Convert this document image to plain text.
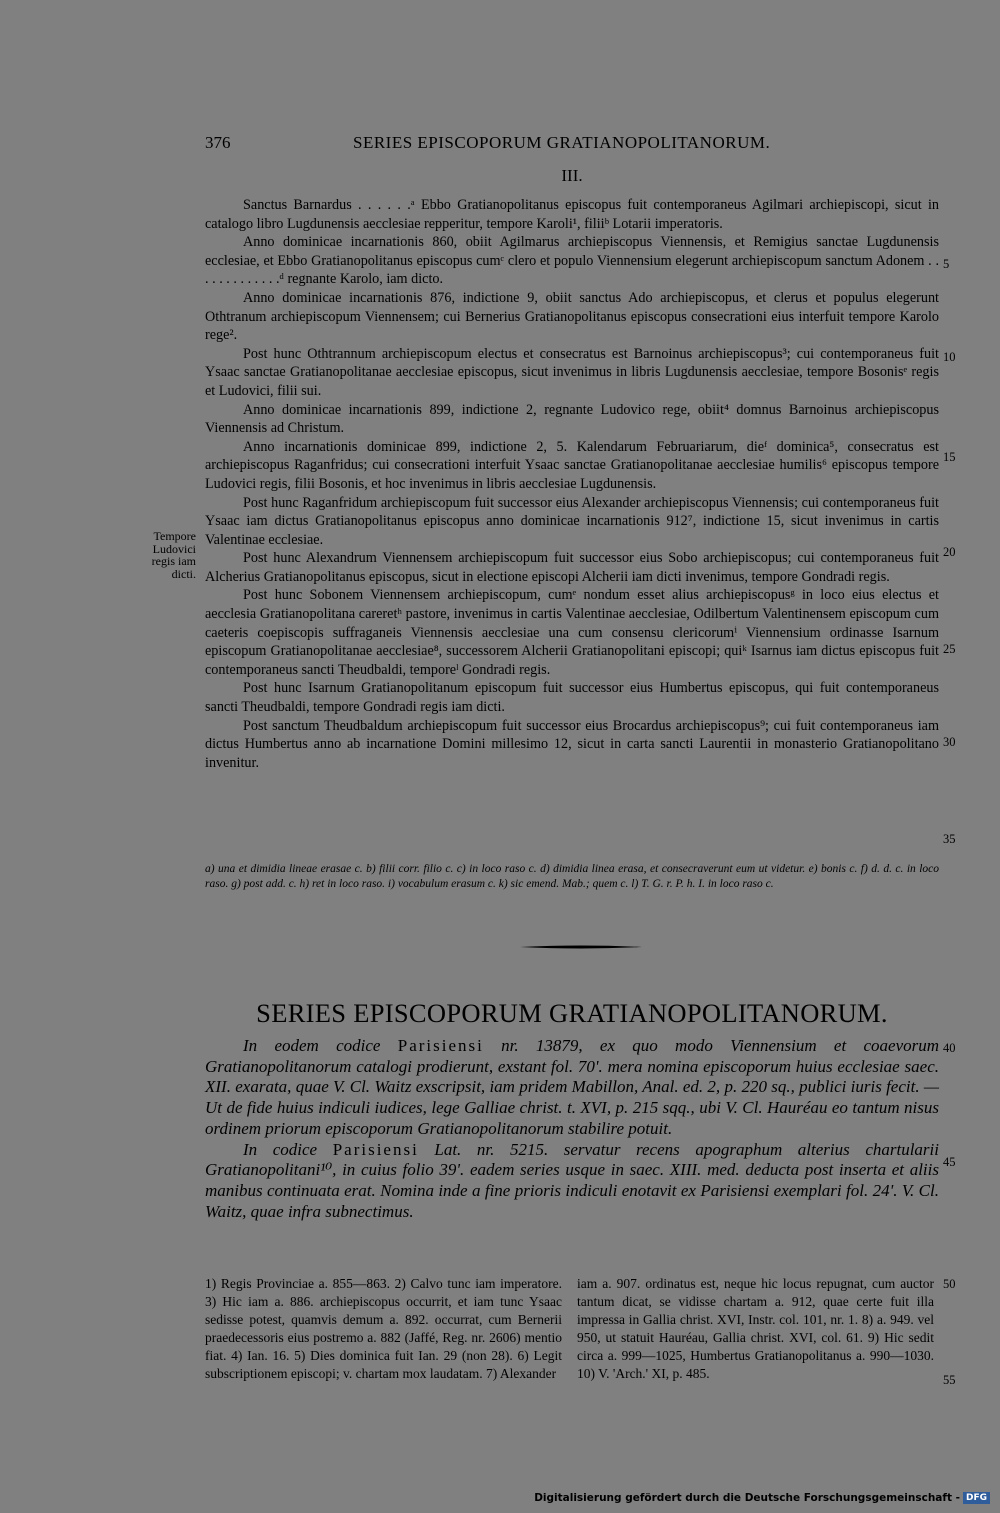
376	SERIES EPISCOPORUM GRATIANOPOLITANORUM.
III.

Sanctus Barnardus . . . . . .ᵃ Ebbo Gratianopolitanus episcopus fuit contemporaneus Agilmari archiepiscopi, sicut in catalogo libro Lugdunensis aecclesiae repperitur, tempore Karoli¹, filiiᵇ Lotarii imperatoris.

Anno dominicae incarnationis 860, obiit Agilmarus archiepiscopus Viennensis, et Remigius sanctae Lugdunensis ecclesiae, et Ebbo Gratianopolitanus episcopus cumᶜ clero et populo Viennensium elegerunt archiepiscopum sanctum Adonem . . . . . . . . . . . . .ᵈ regnante Karolo, iam dicto.

Anno dominicae incarnationis 876, indictione 9, obiit sanctus Ado archiepiscopus, et clerus et populus elegerunt Othtranum archiepiscopum Viennensem; cui Bernerius Gratianopolitanus episcopus consecrationi eius interfuit tempore Karolo rege².

Post hunc Othtrannum archiepiscopum electus et consecratus est Barnoinus archiepiscopus³; cui contemporaneus fuit Ysaac sanctae Gratianopolitanae aecclesiae episcopus, sicut invenimus in libris Lugdunensis aecclesiae, tempore Bosonisᵉ regis et Ludovici, filii sui.

Anno dominicae incarnationis 899, indictione 2, regnante Ludovico rege, obiit⁴ domnus Barnoinus archiepiscopus Viennensis ad Christum.

Anno incarnationis dominicae 899, indictione 2, 5. Kalendarum Februariarum, dieᶠ dominica⁵, consecratus est archiepiscopus Raganfridus; cui consecrationi interfuit Ysaac sanctae Gratianopolitanae aecclesiae humilis⁶ episcopus tempore Ludovici regis, filii Bosonis, et hoc invenimus in libris aecclesiae Lugdunensis.

Post hunc Raganfridum archiepiscopum fuit successor eius Alexander archiepiscopus Viennensis; cui contemporaneus fuit Ysaac iam dictus Gratianopolitanus episcopus anno dominicae incarnationis 912⁷, indictione 15, sicut invenimus in cartis Valentinae ecclesiae.

Post hunc Alexandrum Viennensem archiepiscopum fuit successor eius Sobo archiepiscopus; cui contemporaneus fuit Alcherius Gratianopolitanus episcopus, sicut in electione episcopi Alcherii iam dicti invenimus, tempore Gondradi regis.

Post hunc Sobonem Viennensem archiepiscopum, cumᵉ nondum esset alius archiepiscopusᵍ in loco eius electus et aecclesia Gratianopolitana careretʰ pastore, invenimus in cartis Valentinae aecclesiae, Odilbertum Valentinensem episcopum cum caeteris coepiscopis suffraganeis Viennensis aecclesiae una cum consensu clericorumⁱ Viennensium ordinasse Isarnum episcopum Gratianopolitanae aecclesiae⁸, successorem Alcherii Gratianopolitani episcopi; quiᵏ Isarnus iam dictus episcopus fuit contemporaneus sancti Theudbaldi, temporeˡ Gondradi regis.

Post hunc Isarnum Gratianopolitanum episcopum fuit successor eius Humbertus episcopus, qui fuit contemporaneus sancti Theudbaldi, tempore Gondradi regis iam dicti.

Post sanctum Theudbaldum archiepiscopum fuit successor eius Brocardus archiepiscopus⁹; cui fuit contemporaneus iam dictus Humbertus anno ab incarnatione Domini millesimo 12, sicut in carta sancti Laurentii in monasterio Gratianopolitano invenitur.

Tempore Ludovici regis iam dicti.
5
10
15
20
25
30
35
40
45
50
55
a) una et dimidia lineae erasae c. b) filii corr. filio c. c) in loco raso c. d) dimidia linea erasa, et consecraverunt eum ut videtur. e) bonis c. f) d. d. c. in loco raso. g) post add. c. h) ret in loco raso. i) vocabulum erasum c. k) sic emend. Mab.; quem c. l) T. G. r. P. h. I. in loco raso c.
SERIES EPISCOPORUM GRATIANOPOLITANORUM.

In eodem codice Parisiensi nr. 13879, ex quo modo Viennensium et coaevorum Gratianopolitanorum catalogi prodierunt, exstant fol. 70'. mera nomina episcoporum huius ecclesiae saec. XII. exarata, quae V. Cl. Waitz exscripsit, iam pridem Mabillon, Anal. ed. 2, p. 220 sq., publici iuris fecit. — Ut de fide huius indiculi iudices, lege Galliae christ. t. XVI, p. 215 sqq., ubi V. Cl. Hauréau eo tantum nisus ordinem priorum episcoporum Gratianopolitanorum stabilire potuit.

In codice Parisiensi Lat. nr. 5215. servatur recens apographum alterius chartularii Gratianopolitani¹⁰, in cuius folio 39'. eadem series usque in saec. XIII. med. deducta post inserta et aliis manibus continuata erat. Nomina inde a fine prioris indiculi enotavit ex Parisiensi exemplari fol. 24'. V. Cl. Waitz, quae infra subnectimus.

1) Regis Provinciae a. 855—863. 2) Calvo tunc iam imperatore. 3) Hic iam a. 886. archiepiscopus occurrit, et iam tunc Ysaac sedisse potest, quamvis demum a. 892. occurrat, cum Bernerii praedecessoris eius postremo a. 882 (Jaffé, Reg. nr. 2606) mentio fiat. 4) Ian. 16. 5) Dies dominica fuit Ian. 29 (non 28). 6) Legit subscriptionem episcopi; v. chartam mox laudatam. 7) Alexander
iam a. 907. ordinatus est, neque hic locus repugnat, cum auctor tantum dicat, se vidisse chartam a. 912, quae certe fuit illa impressa in Gallia christ. XVI, Instr. col. 101, nr. 1. 8) a. 949. vel 950, ut statuit Hauréau, Gallia christ. XVI, col. 61. 9) Hic sedit circa a. 999—1025, Humbertus Gratianopolitanus a. 990—1030. 10) V. 'Arch.' XI, p. 485.
Digitalisierung gefördert durch die Deutsche Forschungsgemeinschaft - DFG
